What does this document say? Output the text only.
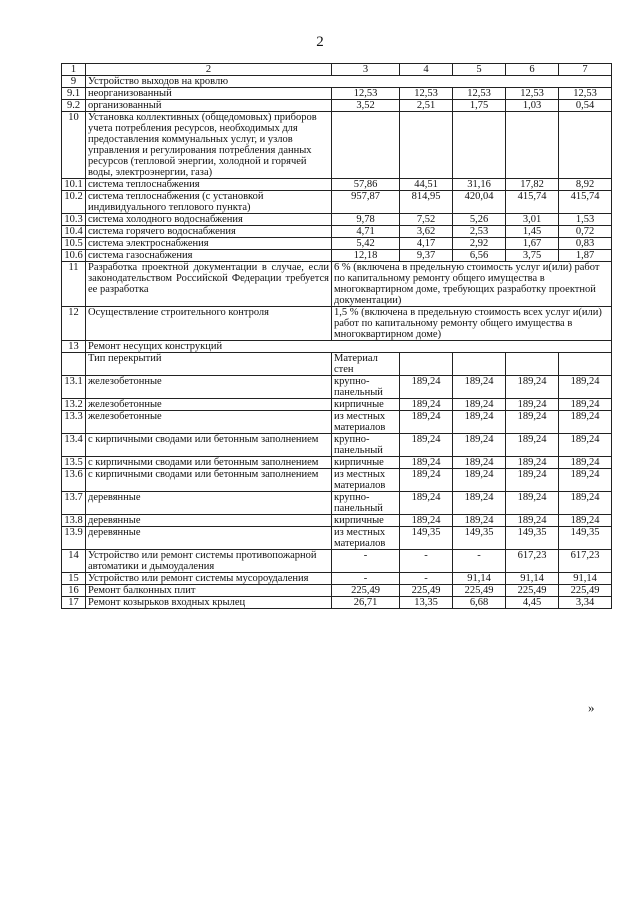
2
1	2	3	4	5	6	7
9	Устройство выходов на кровлю					
9.1	неорганизованный	12,53	12,53	12,53	12,53	12,53
9.2	организованный	3,52	2,51	1,75	1,03	0,54
10	Установка коллективных (общедомовых) приборов учета потребления ресурсов, необходимых для предоставления коммунальных услуг, и узлов управления и регулирования потребления данных ресурсов (тепловой энергии, холодной и горячей воды, электроэнергии, газа)					
10.1	система теплоснабжения	57,86	44,51	31,16	17,82	8,92
10.2	система теплоснабжения (с установкой индивидуального теплового пункта)	957,87	814,95	420,04	415,74	415,74
10.3	система холодного водоснабжения	9,78	7,52	5,26	3,01	1,53
10.4	система горячего водоснабжения	4,71	3,62	2,53	1,45	0,72
10.5	система электроснабжения	5,42	4,17	2,92	1,67	0,83
10.6	система газоснабжения	12,18	9,37	6,56	3,75	1,87
11	Разработка проектной документации в случае, если законодательством Российской Федерации требуется ее разработка	6 % (включена в предельную стоимость услуг и(или) работ по капитальному ремонту общего имущества в многоквартирном доме, требующих разработку проектной документации)				
12	Осуществление строительного контроля	1,5 % (включена в предельную стоимость всех услуг и(или) работ по капитальному ремонту общего имущества в многоквартирном доме)				
13	Ремонт несущих конструкций					
	Тип перекрытий	Материал стен				
13.1	железобетонные	крупно-панельный	189,24	189,24	189,24	189,24
13.2	железобетонные	кирпичные	189,24	189,24	189,24	189,24
13.3	железобетонные	из местных материалов	189,24	189,24	189,24	189,24
13.4	с кирпичными сводами или бетонным заполнением	крупно-панельный	189,24	189,24	189,24	189,24
13.5	с кирпичными сводами или бетонным заполнением	кирпичные	189,24	189,24	189,24	189,24
13.6	с кирпичными сводами или бетонным заполнением	из местных материалов	189,24	189,24	189,24	189,24
13.7	деревянные	крупно-панельный	189,24	189,24	189,24	189,24
13.8	деревянные	кирпичные	189,24	189,24	189,24	189,24
13.9	деревянные	из местных материалов	149,35	149,35	149,35	149,35
14	Устройство или ремонт системы противопожарной автоматики и дымоудаления	-	-	-	617,23	617,23
15	Устройство или ремонт системы мусороудаления	-	-	91,14	91,14	91,14
16	Ремонт балконных плит	225,49	225,49	225,49	225,49	225,49
17	Ремонт козырьков входных крылец	26,71	13,35	6,68	4,45	3,34
»
